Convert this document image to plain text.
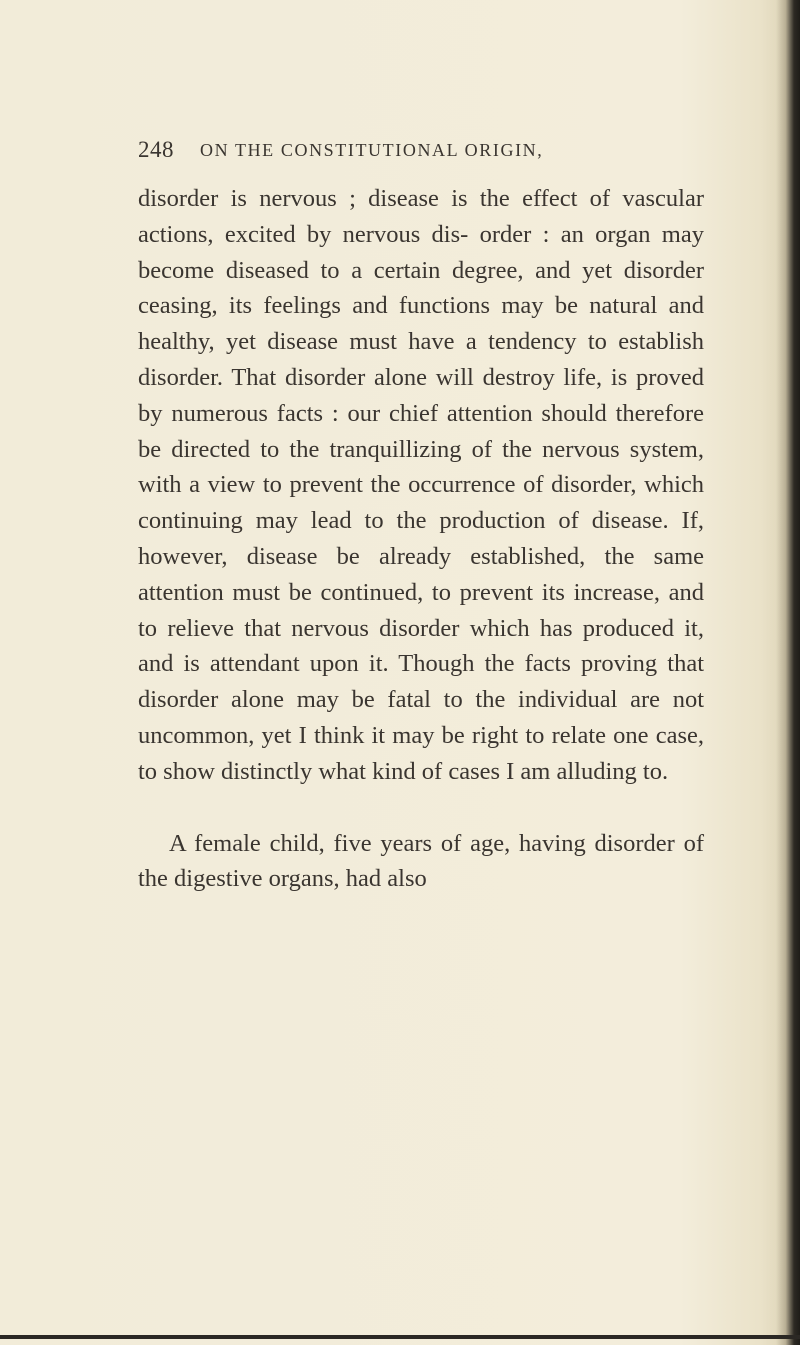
248 ON THE CONSTITUTIONAL ORIGIN,

disorder is nervous ; disease is the effect of vascular actions, excited by nervous dis- order : an organ may become diseased to a certain degree, and yet disorder ceasing, its feelings and functions may be natural and healthy, yet disease must have a tendency to establish disorder. That disorder alone will destroy life, is proved by numerous facts : our chief attention should therefore be directed to the tranquillizing of the nervous system, with a view to prevent the occurrence of disorder, which continuing may lead to the production of disease. If, however, disease be already established, the same attention must be continued, to prevent its increase, and to relieve that nervous disorder which has produced it, and is attendant upon it. Though the facts proving that disorder alone may be fatal to the individual are not uncommon, yet I think it may be right to relate one case, to show distinctly what kind of cases I am alluding to.

A female child, five years of age, having disorder of the digestive organs, had also
